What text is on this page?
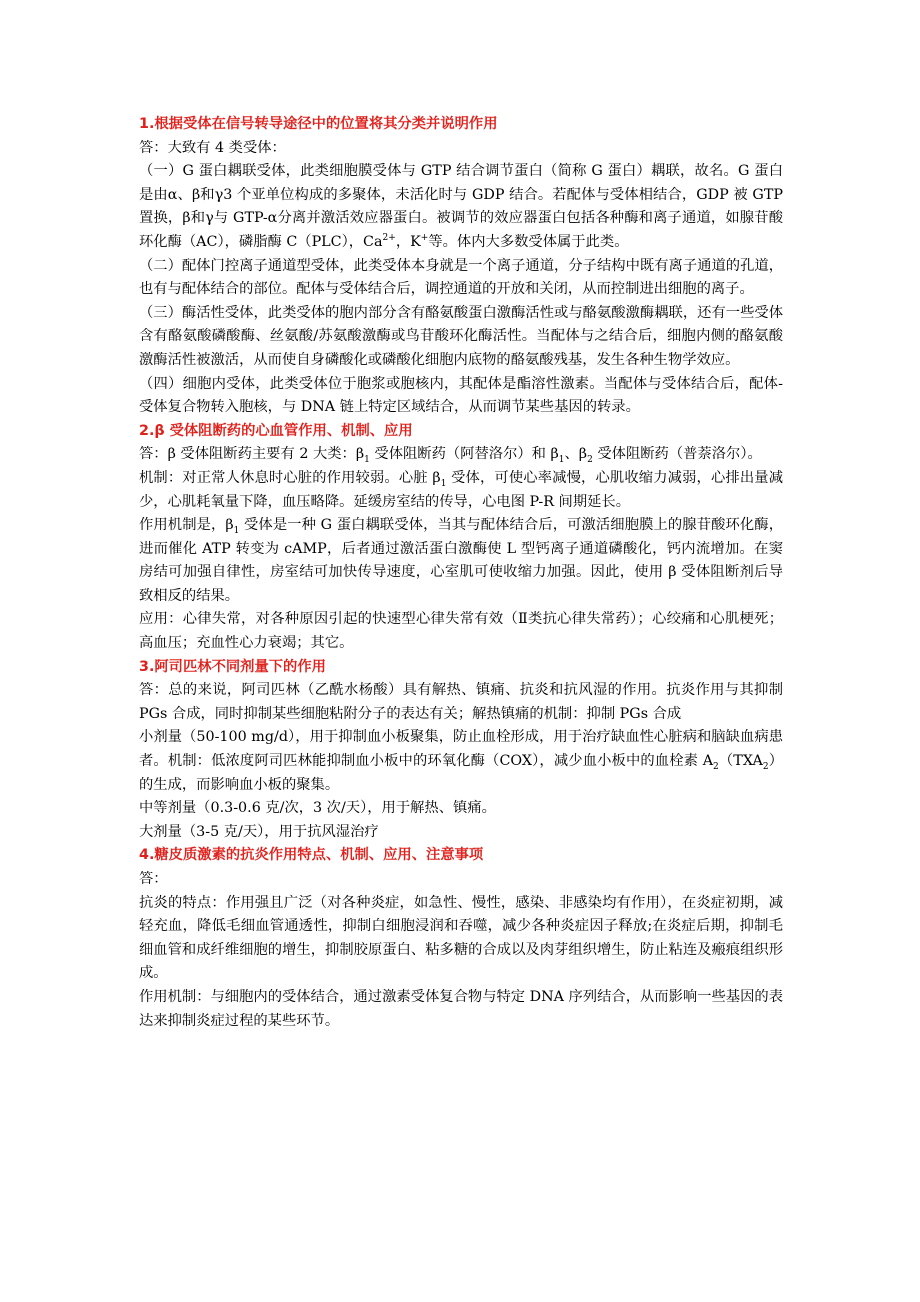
1.根据受体在信号转导途径中的位置将其分类并说明作用

答：大致有 4 类受体：

（一）G 蛋白耦联受体，此类细胞膜受体与 GTP 结合调节蛋白（简称 G 蛋白）耦联，故名。G 蛋白是由α、β和γ3 个亚单位构成的多聚体，未活化时与 GDP 结合。若配体与受体相结合，GDP 被 GTP 置换，β和γ与 GTP-α分离并激活效应器蛋白。被调节的效应器蛋白包括各种酶和离子通道，如腺苷酸环化酶（AC），磷脂酶 C（PLC），$Ca^{2+}$，K+等。体内大多数受体属于此类。

（二）配体门控离子通道型受体，此类受体本身就是一个离子通道，分子结构中既有离子通道的孔道，也有与配体结合的部位。配体与受体结合后，调控通道的开放和关闭，从而控制进出细胞的离子。

（三）酶活性受体，此类受体的胞内部分含有酪氨酸蛋白激酶活性或与酪氨酸激酶耦联，还有一些受体含有酪氨酸磷酸酶、丝氨酸/苏氨酸激酶或鸟苷酸环化酶活性。当配体与之结合后，细胞内侧的酪氨酸激酶活性被激活，从而使自身磷酸化或磷酸化细胞内底物的酪氨酸残基，发生各种生物学效应。

（四）细胞内受体，此类受体位于胞浆或胞核内，其配体是酯溶性激素。当配体与受体结合后，配体-受体复合物转入胞核，与 DNA 链上特定区域结合，从而调节某些基因的转录。

2.β 受体阻断药的心血管作用、机制、应用

答：β 受体阻断药主要有 2 大类：$\beta_1$ 受体阻断药（阿替洛尔）和 $\beta_1$、$\beta_2$ 受体阻断药（普萘洛尔）。

机制：对正常人休息时心脏的作用较弱。心脏 $\beta_1$ 受体，可使心率减慢，心肌收缩力减弱，心排出量减少，心肌耗氧量下降，血压略降。延缓房室结的传导，心电图 P-R 间期延长。

作用机制是，$\beta_1$ 受体是一种 G 蛋白耦联受体，当其与配体结合后，可激活细胞膜上的腺苷酸环化酶，进而催化 ATP 转变为 cAMP，后者通过激活蛋白激酶使 L 型钙离子通道磷酸化，钙内流增加。在窦房结可加强自律性，房室结可加快传导速度，心室肌可使收缩力加强。因此，使用 β 受体阻断剂后导致相反的结果。

应用：心律失常，对各种原因引起的快速型心律失常有效（Ⅱ类抗心律失常药）；心绞痛和心肌梗死；高血压；充血性心力衰竭；其它。

3.阿司匹林不同剂量下的作用

答：总的来说，阿司匹林（乙酰水杨酸）具有解热、镇痛、抗炎和抗风湿的作用。抗炎作用与其抑制 PGs 合成，同时抑制某些细胞粘附分子的表达有关；解热镇痛的机制：抑制 PGs 合成

小剂量（50-100 mg/d），用于抑制血小板聚集，防止血栓形成，用于治疗缺血性心脏病和脑缺血病患者。机制：低浓度阿司匹林能抑制血小板中的环氧化酶（COX），减少血小板中的血栓素 $A_2(TXA_2)$的生成，而影响血小板的聚集。

中等剂量（0.3-0.6 克/次，3 次/天），用于解热、镇痛。

大剂量（3-5 克/天），用于抗风湿治疗

4.糖皮质激素的抗炎作用特点、机制、应用、注意事项

答：

抗炎的特点：作用强且广泛（对各种炎症，如急性、慢性，感染、非感染均有作用），在炎症初期，减轻充血，降低毛细血管通透性，抑制白细胞浸润和吞噬，减少各种炎症因子释放;在炎症后期，抑制毛细血管和成纤维细胞的增生，抑制胶原蛋白、粘多糖的合成以及肉芽组织增生，防止粘连及瘢痕组织形成。

作用机制：与细胞内的受体结合，通过激素受体复合物与特定 DNA 序列结合，从而影响一些基因的表达来抑制炎症过程的某些环节。
